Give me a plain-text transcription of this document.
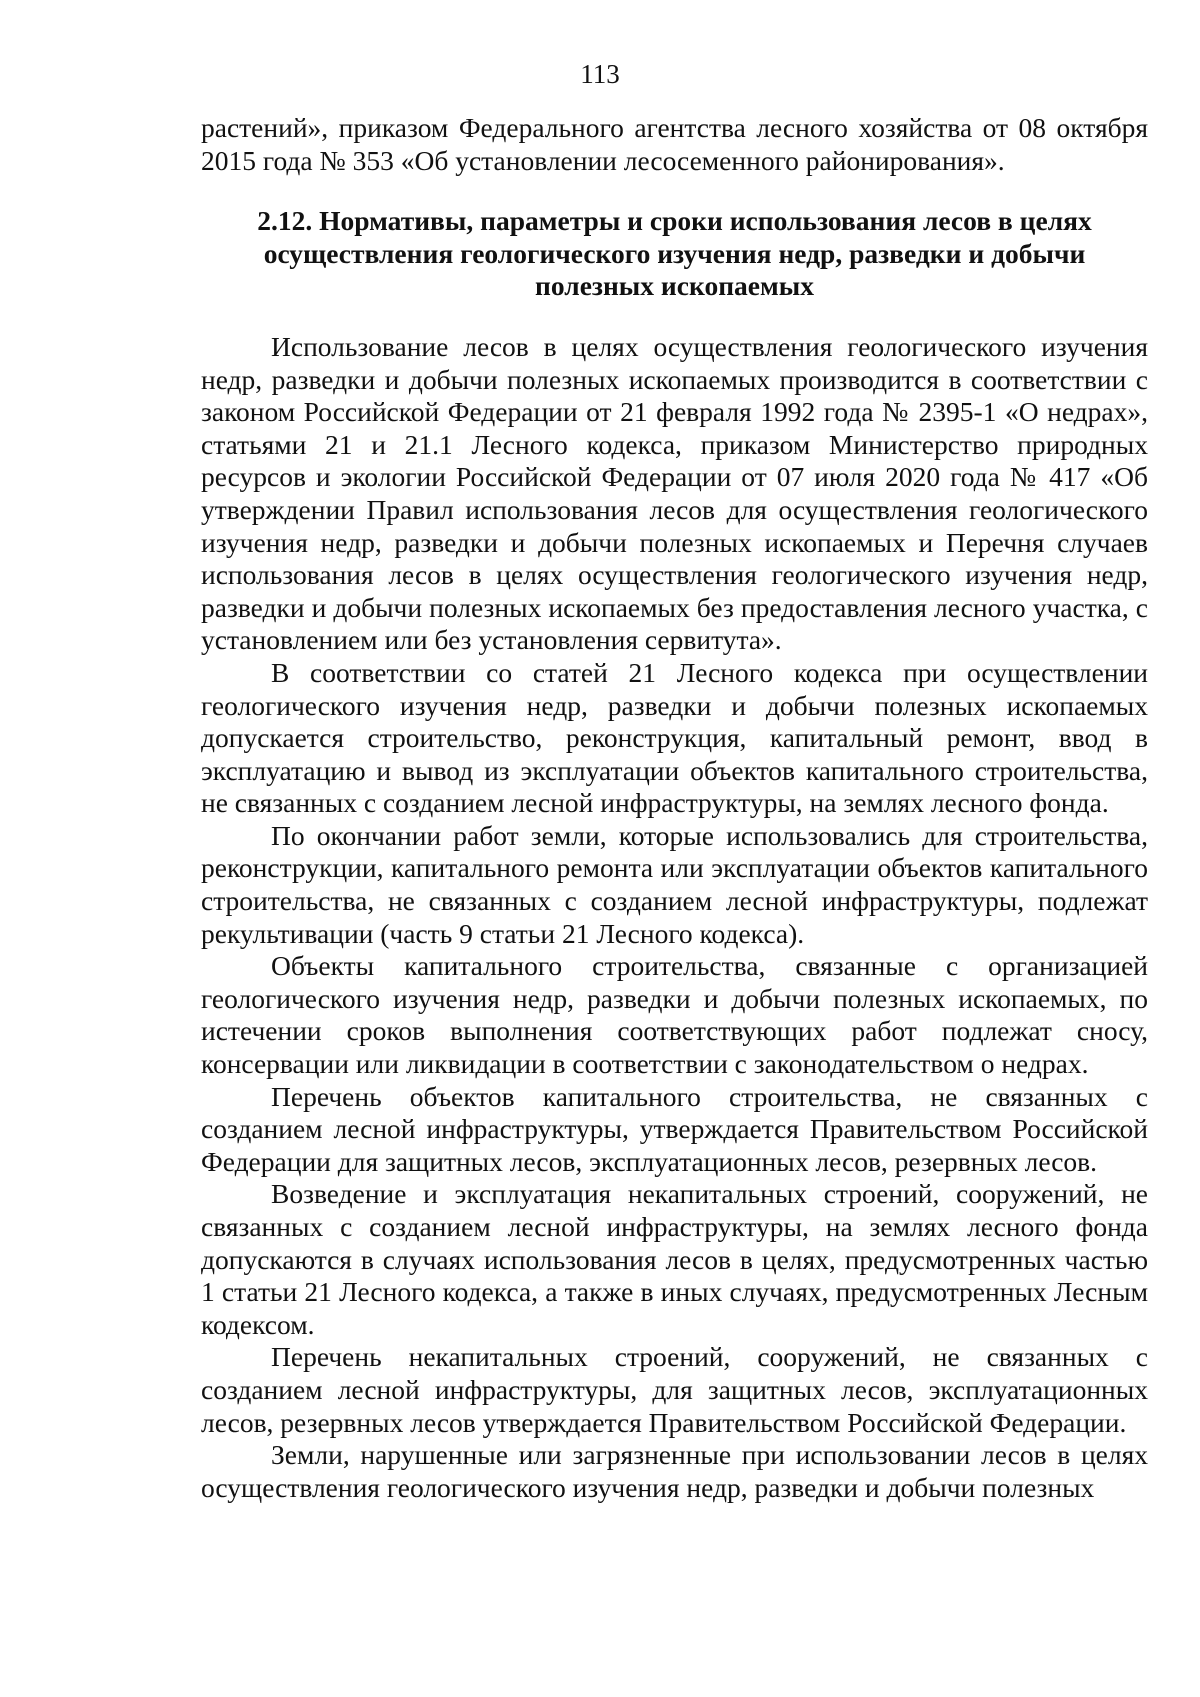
113

растений», приказом Федерального агентства лесного хозяйства от 08 октября 2015 года № 353 «Об установлении лесосеменного районирования».

2.12. Нормативы, параметры и сроки использования лесов в целях осуществления геологического изучения недр, разведки и добычи полезных ископаемых

Использование лесов в целях осуществления геологического изучения недр, разведки и добычи полезных ископаемых производится в соответствии с законом Российской Федерации от 21 февраля 1992 года № 2395-1 «О недрах», статьями 21 и 21.1 Лесного кодекса, приказом Министерство природных ресурсов и экологии Российской Федерации от 07 июля 2020 года № 417 «Об утверждении Правил использования лесов для осуществления геологического изучения недр, разведки и добычи полезных ископаемых и Перечня случаев использования лесов в целях осуществления геологического изучения недр, разведки и добычи полезных ископаемых без предоставления лесного участка, с установлением или без установления сервитута».

В соответствии со статей 21 Лесного кодекса при осуществлении геологического изучения недр, разведки и добычи полезных ископаемых допускается строительство, реконструкция, капитальный ремонт, ввод в эксплуатацию и вывод из эксплуатации объектов капитального строительства, не связанных с созданием лесной инфраструктуры, на землях лесного фонда.

По окончании работ земли, которые использовались для строительства, реконструкции, капитального ремонта или эксплуатации объектов капитального строительства, не связанных с созданием лесной инфраструктуры, подлежат рекультивации (часть 9 статьи 21 Лесного кодекса).

Объекты капитального строительства, связанные с организацией геологического изучения недр, разведки и добычи полезных ископаемых, по истечении сроков выполнения соответствующих работ подлежат сносу, консервации или ликвидации в соответствии с законодательством о недрах.

Перечень объектов капитального строительства, не связанных с созданием лесной инфраструктуры, утверждается Правительством Российской Федерации для защитных лесов, эксплуатационных лесов, резервных лесов.

Возведение и эксплуатация некапитальных строений, сооружений, не связанных с созданием лесной инфраструктуры, на землях лесного фонда допускаются в случаях использования лесов в целях, предусмотренных частью 1 статьи 21 Лесного кодекса, а также в иных случаях, предусмотренных Лесным кодексом.

Перечень некапитальных строений, сооружений, не связанных с созданием лесной инфраструктуры, для защитных лесов, эксплуатационных лесов, резервных лесов утверждается Правительством Российской Федерации.

Земли, нарушенные или загрязненные при использовании лесов в целях осуществления геологического изучения недр, разведки и добычи полезных
